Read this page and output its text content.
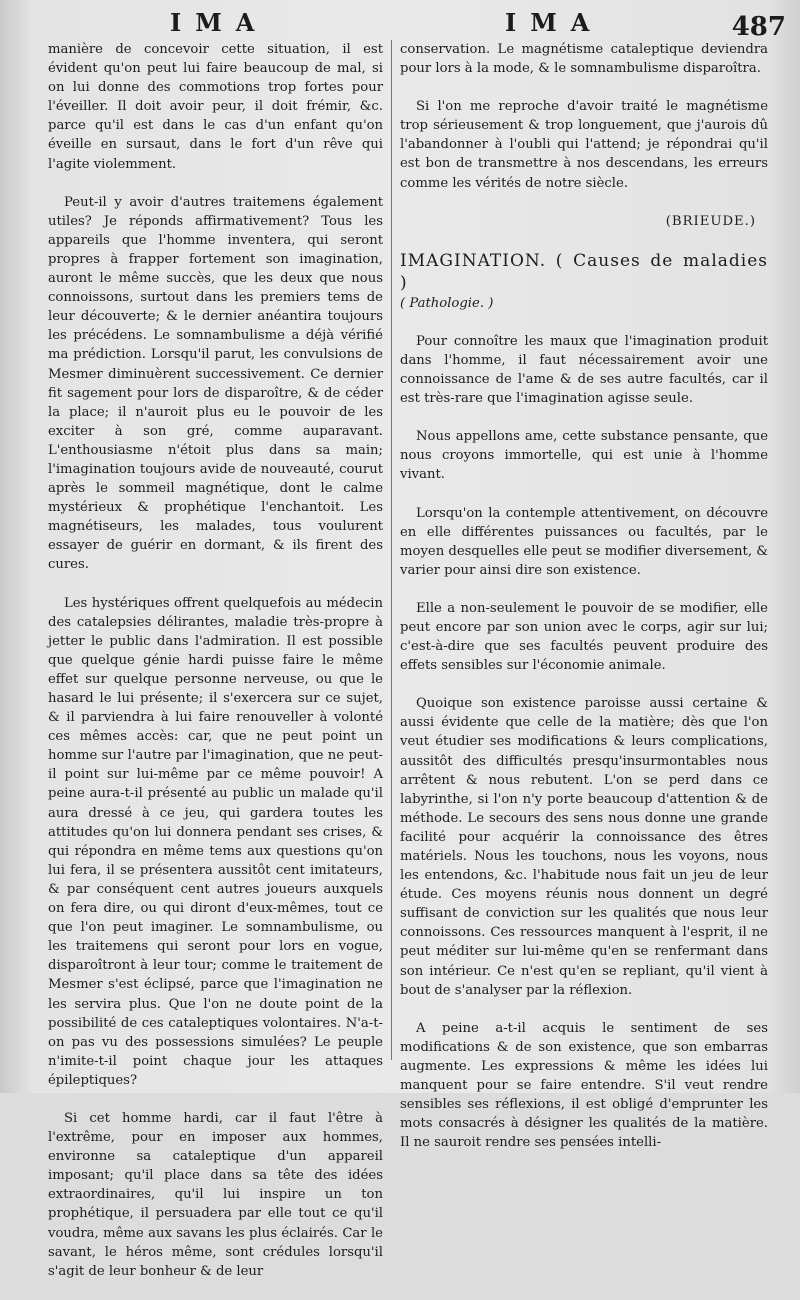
IMA	IMA	487

manière de concevoir cette situation, il est évident qu'on peut lui faire beaucoup de mal, si on lui donne des commotions trop fortes pour l'éveiller. Il doit avoir peur, il doit frémir, &c. parce qu'il est dans le cas d'un enfant qu'on éveille en sursaut, dans le fort d'un rêve qui l'agite violemment.

Peut-il y avoir d'autres traitemens également utiles? Je réponds affirmativement? Tous les appareils que l'homme inventera, qui seront propres à frapper fortement son imagination, auront le même succès, que les deux que nous connoissons, surtout dans les premiers tems de leur découverte; & le dernier anéantira toujours les précédens. Le somnambulisme a déjà vérifié ma prédiction. Lorsqu'il parut, les convulsions de Mesmer diminuèrent successivement. Ce dernier fit sagement pour lors de disparoître, & de céder la place; il n'auroit plus eu le pouvoir de les exciter à son gré, comme auparavant. L'enthousiasme n'étoit plus dans sa main; l'imagination toujours avide de nouveauté, courut après le sommeil magnétique, dont le calme mystérieux & prophétique l'enchantoit. Les magnétiseurs, les malades, tous voulurent essayer de guérir en dormant, & ils firent des cures.

Les hystériques offrent quelquefois au médecin des catalepsies délirantes, maladie très-propre à jetter le public dans l'admiration. Il est possible que quelque génie hardi puisse faire le même effet sur quelque personne nerveuse, ou que le hasard le lui présente; il s'exercera sur ce sujet, & il parviendra à lui faire renouveller à volonté ces mêmes accès: car, que ne peut point un homme sur l'autre par l'imagination, que ne peut-il point sur lui-même par ce même pouvoir! A peine aura-t-il présenté au public un malade qu'il aura dressé à ce jeu, qui gardera toutes les attitudes qu'on lui donnera pendant ses crises, & qui répondra en même tems aux questions qu'on lui fera, il se présentera aussitôt cent imitateurs, & par conséquent cent autres joueurs auxquels on fera dire, ou qui diront d'eux-mêmes, tout ce que l'on peut imaginer. Le somnambulisme, ou les traitemens qui seront pour lors en vogue, disparoîtront à leur tour; comme le traitement de Mesmer s'est éclipsé, parce que l'imagination ne les servira plus. Que l'on ne doute point de la possibilité de ces cataleptiques volontaires. N'a-t-on pas vu des possessions simulées? Le peuple n'imite-t-il point chaque jour les attaques épileptiques?

Si cet homme hardi, car il faut l'être à l'extrême, pour en imposer aux hommes, environne sa cataleptique d'un appareil imposant; qu'il place dans sa tête des idées extraordinaires, qu'il lui inspire un ton prophétique, il persuadera par elle tout ce qu'il voudra, même aux savans les plus éclairés. Car le savant, le héros même, sont crédules lorsqu'il s'agit de leur bonheur & de leur

conservation. Le magnétisme cataleptique deviendra pour lors à la mode, & le somnambulisme disparoîtra.

Si l'on me reproche d'avoir traité le magnétisme trop sérieusement & trop longuement, que j'aurois dû l'abandonner à l'oubli qui l'attend; je répondrai qu'il est bon de transmettre à nos descendans, les erreurs comme les vérités de notre siècle.

(BRIEUDE.)
IMAGINATION. ( Causes de maladies )
( Pathologie. )

Pour connoître les maux que l'imagination produit dans l'homme, il faut nécessairement avoir une connoissance de l'ame & de ses autre facultés, car il est très-rare que l'imagination agisse seule.

Nous appellons ame, cette substance pensante, que nous croyons immortelle, qui est unie à l'homme vivant.

Lorsqu'on la contemple attentivement, on découvre en elle différentes puissances ou facultés, par le moyen desquelles elle peut se modifier diversement, & varier pour ainsi dire son existence.

Elle a non-seulement le pouvoir de se modifier, elle peut encore par son union avec le corps, agir sur lui; c'est-à-dire que ses facultés peuvent produire des effets sensibles sur l'économie animale.

Quoique son existence paroisse aussi certaine & aussi évidente que celle de la matière; dès que l'on veut étudier ses modifications & leurs complications, aussitôt des difficultés presqu'insurmontables nous arrêtent & nous rebutent. L'on se perd dans ce labyrinthe, si l'on n'y porte beaucoup d'attention & de méthode. Le secours des sens nous donne une grande facilité pour acquérir la connoissance des êtres matériels. Nous les touchons, nous les voyons, nous les entendons, &c. l'habitude nous fait un jeu de leur étude. Ces moyens réunis nous donnent un degré suffisant de conviction sur les qualités que nous leur connoissons. Ces ressources manquent à l'esprit, il ne peut méditer sur lui-même qu'en se renfermant dans son intérieur. Ce n'est qu'en se repliant, qu'il vient à bout de s'analyser par la réflexion.

A peine a-t-il acquis le sentiment de ses modifications & de son existence, que son embarras augmente. Les expressions & même les idées lui manquent pour se faire entendre. S'il veut rendre sensibles ses réflexions, il est obligé d'emprunter les mots consacrés à désigner les qualités de la matière. Il ne sauroit rendre ses pensées intelli-
